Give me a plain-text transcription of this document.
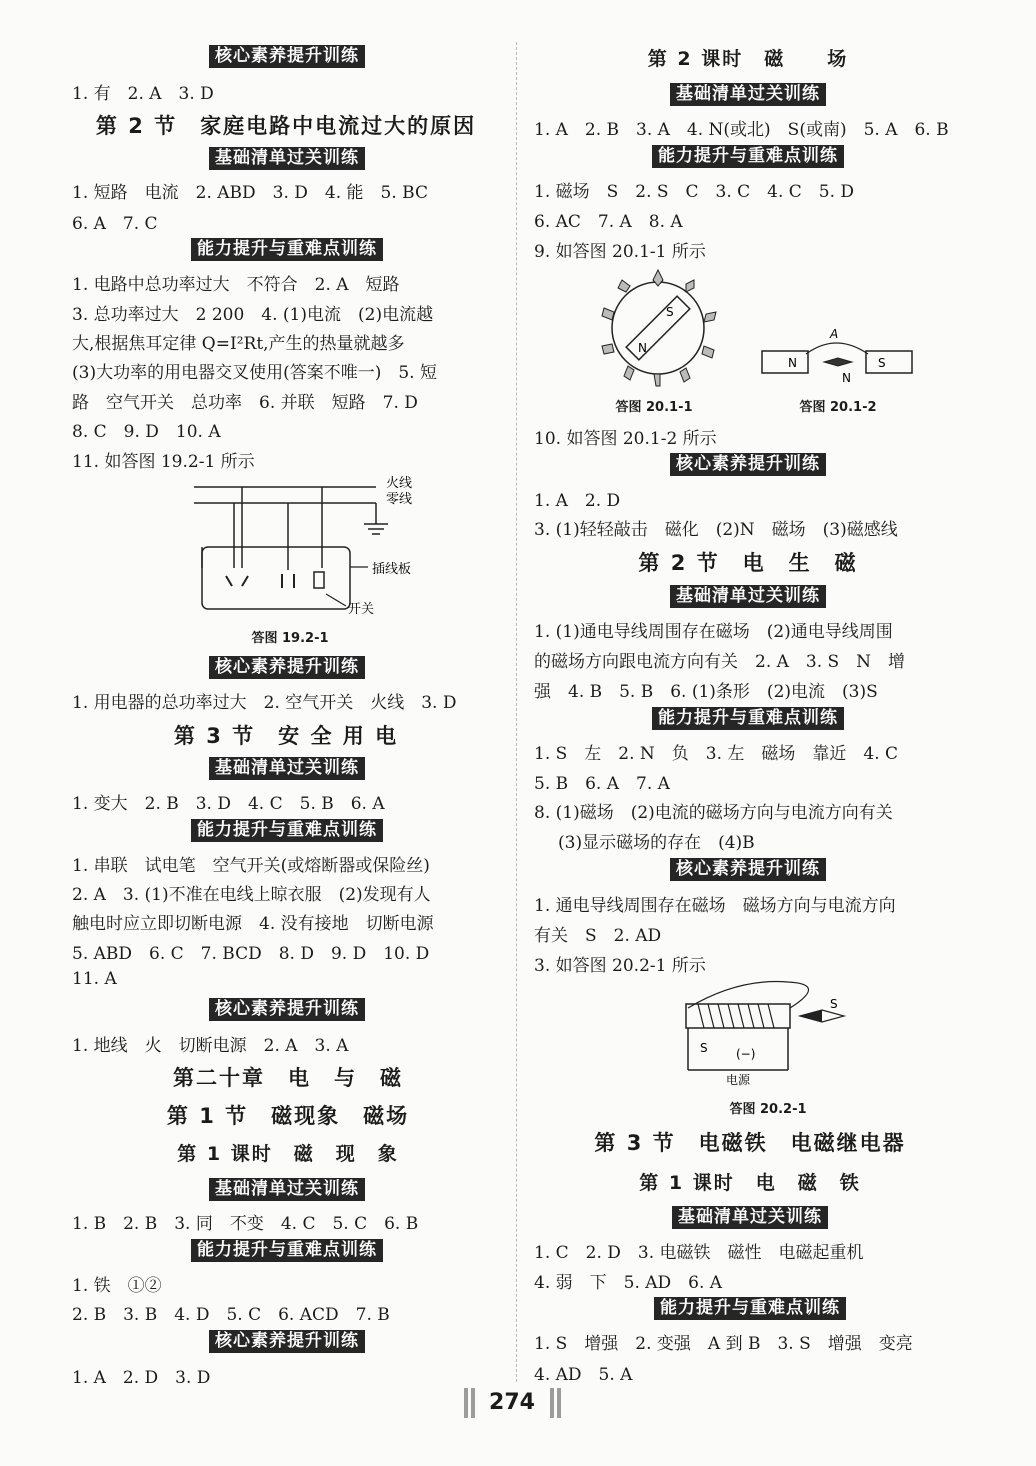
核心素养提升训练
1. 有　2. A　3. D
第 2 节　家庭电路中电流过大的原因
基础清单过关训练
1. 短路　电流　2. ABD　3. D　4. 能　5. BC
6. A　7. C
能力提升与重难点训练
1. 电路中总功率过大　不符合　2. A　短路
3. 总功率过大　2 200　4. (1)电流　(2)电流越
大,根据焦耳定律 Q=I²Rt,产生的热量就越多
(3)大功率的用电器交叉使用(答案不唯一)　5. 短
路　空气开关　总功率　6. 并联　短路　7. D
8. C　9. D　10. A
11. 如答图 19.2-1 所示
火线
零线
插线板
开关
答图 19.2-1
核心素养提升训练
1. 用电器的总功率过大　2. 空气开关　火线　3. D
第 3 节　安 全 用 电
基础清单过关训练
1. 变大　2. B　3. D　4. C　5. B　6. A
能力提升与重难点训练
1. 串联　试电笔　空气开关(或熔断器或保险丝)
2. A　3. (1)不准在电线上晾衣服　(2)发现有人
触电时应立即切断电源　4. 没有接地　切断电源
5. ABD　6. C　7. BCD　8. D　9. D　10. D
11. A
核心素养提升训练
1. 地线　火　切断电源　2. A　3. A
第二十章　电　与　磁
第 1 节　磁现象　磁场
第 1 课时　磁　现　象
基础清单过关训练
1. B　2. B　3. 同　不变　4. C　5. C　6. B
能力提升与重难点训练
1. 铁　①②
2. B　3. B　4. D　5. C　6. ACD　7. B
核心素养提升训练
1. A　2. D　3. D
第 2 课时　磁　　场
基础清单过关训练
1. A　2. B　3. A　4. N(或北)　S(或南)　5. A　6. B
能力提升与重难点训练
1. 磁场　S　2. S　C　3. C　4. C　5. D
6. AC　7. A　8. A
9. 如答图 20.1-1 所示
S
N
答图 20.1-1
N	S
A
N
答图 20.1-2
10. 如答图 20.1-2 所示
核心素养提升训练
1. A　2. D
3. (1)轻轻敲击　磁化　(2)N　磁场　(3)磁感线
第 2 节　电　生　磁
基础清单过关训练
1. (1)通电导线周围存在磁场　(2)通电导线周围
的磁场方向跟电流方向有关　2. A　3. S　N　增
强　4. B　5. B　6. (1)条形　(2)电流　(3)S
能力提升与重难点训练
1. S　左　2. N　负　3. 左　磁场　靠近　4. C
5. B　6. A　7. A
8. (1)磁场　(2)电流的磁场方向与电流方向有关
(3)显示磁场的存在　(4)B
核心素养提升训练
1. 通电导线周围存在磁场　磁场方向与电流方向
有关　S　2. AD
3. 如答图 20.2-1 所示
S
S (−)
电源
答图 20.2-1
第 3 节　电磁铁　电磁继电器
第 1 课时　电　磁　铁
基础清单过关训练
1. C　2. D　3. 电磁铁　磁性　电磁起重机
4. 弱　下　5. AD　6. A
能力提升与重难点训练
1. S　增强　2. 变强　A 到 B　3. S　增强　变亮
4. AD　5. A
274
